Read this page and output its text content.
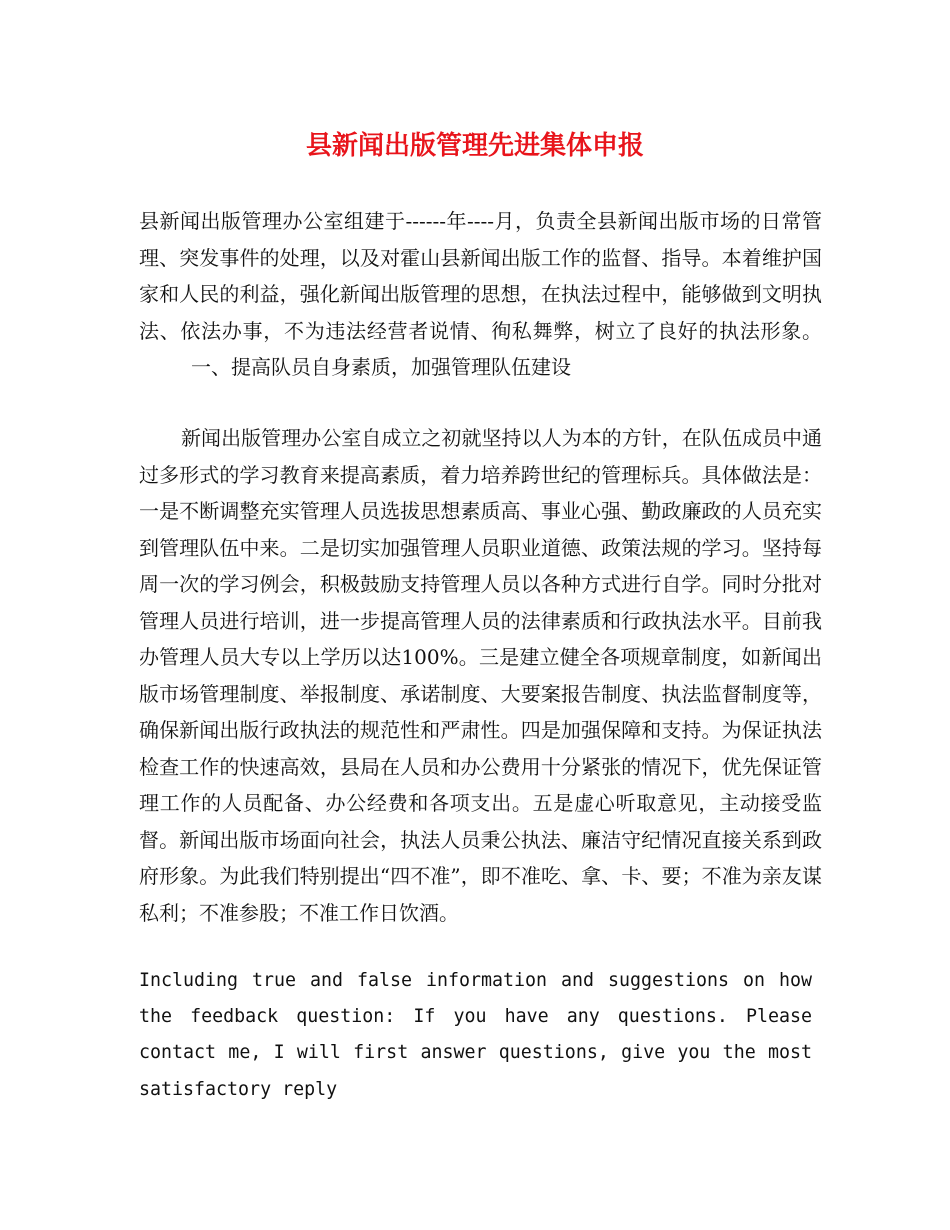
县新闻出版管理先进集体申报

县新闻出版管理办公室组建于------年----月，负责全县新闻出版市场的日常管理、突发事件的处理，以及对霍山县新闻出版工作的监督、指导。本着维护国家和人民的利益，强化新闻出版管理的思想，在执法过程中，能够做到文明执法、依法办事，不为违法经营者说情、徇私舞弊，树立了良好的执法形象。一、提高队员自身素质，加强管理队伍建设

新闻出版管理办公室自成立之初就坚持以人为本的方针，在队伍成员中通过多形式的学习教育来提高素质，着力培养跨世纪的管理标兵。具体做法是：一是不断调整充实管理人员选拔思想素质高、事业心强、勤政廉政的人员充实到管理队伍中来。二是切实加强管理人员职业道德、政策法规的学习。坚持每周一次的学习例会，积极鼓励支持管理人员以各种方式进行自学。同时分批对管理人员进行培训，进一步提高管理人员的法律素质和行政执法水平。目前我办管理人员大专以上学历以达100%。三是建立健全各项规章制度，如新闻出版市场管理制度、举报制度、承诺制度、大要案报告制度、执法监督制度等，确保新闻出版行政执法的规范性和严肃性。四是加强保障和支持。为保证执法检查工作的快速高效，县局在人员和办公费用十分紧张的情况下，优先保证管理工作的人员配备、办公经费和各项支出。五是虚心听取意见，主动接受监督。新闻出版市场面向社会，执法人员秉公执法、廉洁守纪情况直接关系到政府形象。为此我们特别提出“四不准”，即不准吃、拿、卡、要；不准为亲友谋私利；不准参股；不准工作日饮酒。

Including true and false information and suggestions on how the feedback question: If you have any questions. Please contact me, I will first answer questions, give you the most satisfactory reply
